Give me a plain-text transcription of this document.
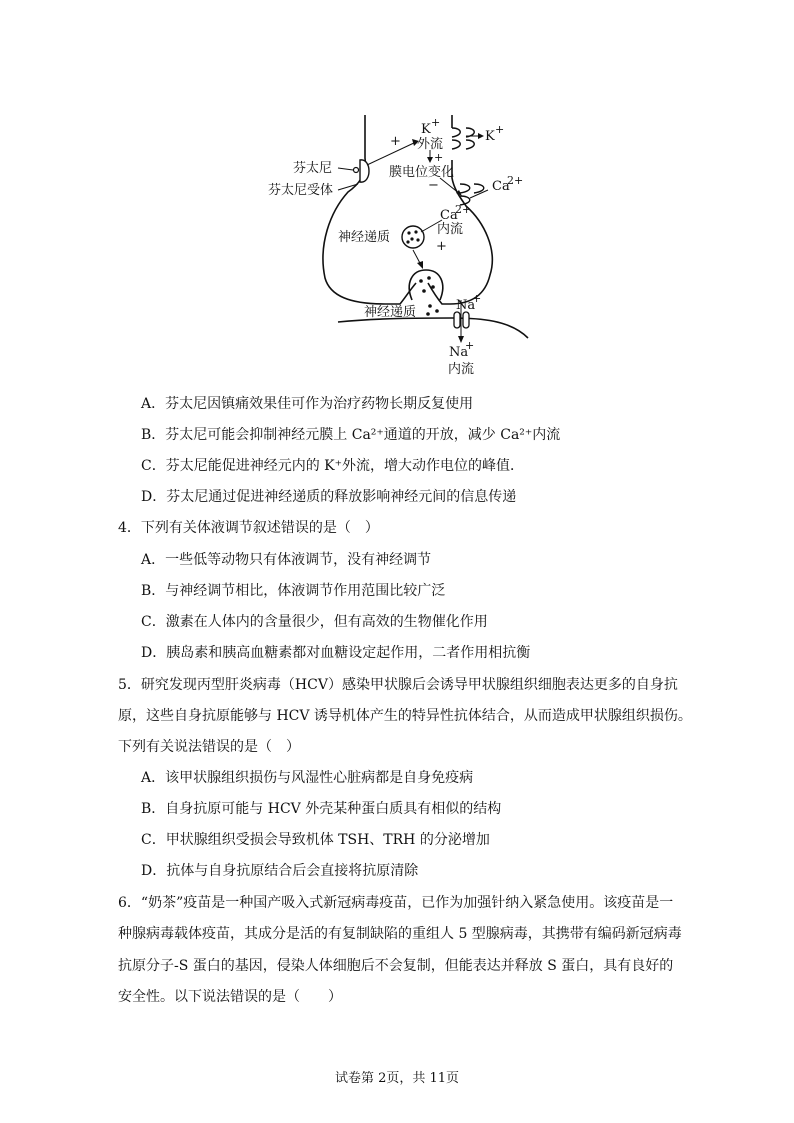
芬太尼
芬太尼受体
+
K +
外流
K +
+
膜电位变化
−	Ca
2+
Ca
2+
内流
+
神经递质
神经递质	Na
+
Na
+
内流
A．芬太尼因镇痛效果佳可作为治疗药物长期反复使用
B．芬太尼可能会抑制神经元膜上 Ca²⁺通道的开放，减少 Ca²⁺内流
C．芬太尼能促进神经元内的 K⁺外流，增大动作电位的峰值．
D．芬太尼通过促进神经递质的释放影响神经元间的信息传递
4．下列有关体液调节叙述错误的是（　）
A．一些低等动物只有体液调节，没有神经调节
B．与神经调节相比，体液调节作用范围比较广泛
C．激素在人体内的含量很少，但有高效的生物催化作用
D．胰岛素和胰高血糖素都对血糖设定起作用，二者作用相抗衡
5．研究发现丙型肝炎病毒（HCV）感染甲状腺后会诱导甲状腺组织细胞表达更多的自身抗
原，这些自身抗原能够与 HCV 诱导机体产生的特异性抗体结合，从而造成甲状腺组织损伤。
下列有关说法错误的是（　）
A．该甲状腺组织损伤与风湿性心脏病都是自身免疫病
B．自身抗原可能与 HCV 外壳某种蛋白质具有相似的结构
C．甲状腺组织受损会导致机体 TSH、TRH 的分泌增加
D．抗体与自身抗原结合后会直接将抗原清除
6．“奶茶”疫苗是一种国产吸入式新冠病毒疫苗，已作为加强针纳入紧急使用。该疫苗是一
种腺病毒载体疫苗，其成分是活的有复制缺陷的重组人 5 型腺病毒，其携带有编码新冠病毒
抗原分子-S 蛋白的基因，侵染人体细胞后不会复制，但能表达并释放 S 蛋白，具有良好的
安全性。以下说法错误的是（　　）
试卷第 2页，共 11页
